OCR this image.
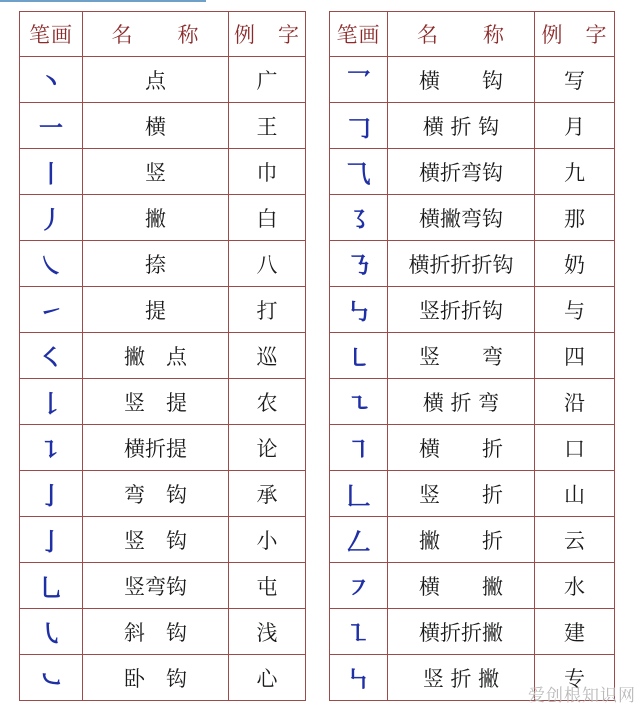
笔画	名　　称	例　字
丶	点	广
一	横	王
丨	竖	巾
丿	撇	白
㇏	捺	八
㇀	提	打
㇛	撇　点	巡
𠄌	竖　提	农
㇊	横折提	论
亅	弯　钩	承
亅	竖　钩	小
乚	竖弯钩	屯
㇂	斜　钩	浅
㇃	卧　钩	心
笔画	名　　称	例　字
乛	横　　钩	写
𠃌	横 折 钩	月
⺄	横折弯钩	九
㇌	横撇弯钩	那
㇡	横折折折钩	奶
㇉	竖折折钩	与
㇄	竖　　弯	四
㇍	横 折 弯	沿
㇕	横　　折	口
𠃊	竖　　折	山
𠃋	撇　　折	云
㇇	横　　撇	水
㇅	横折折撇	建
㇞	竖 折 撇	专
爱创根知识网
